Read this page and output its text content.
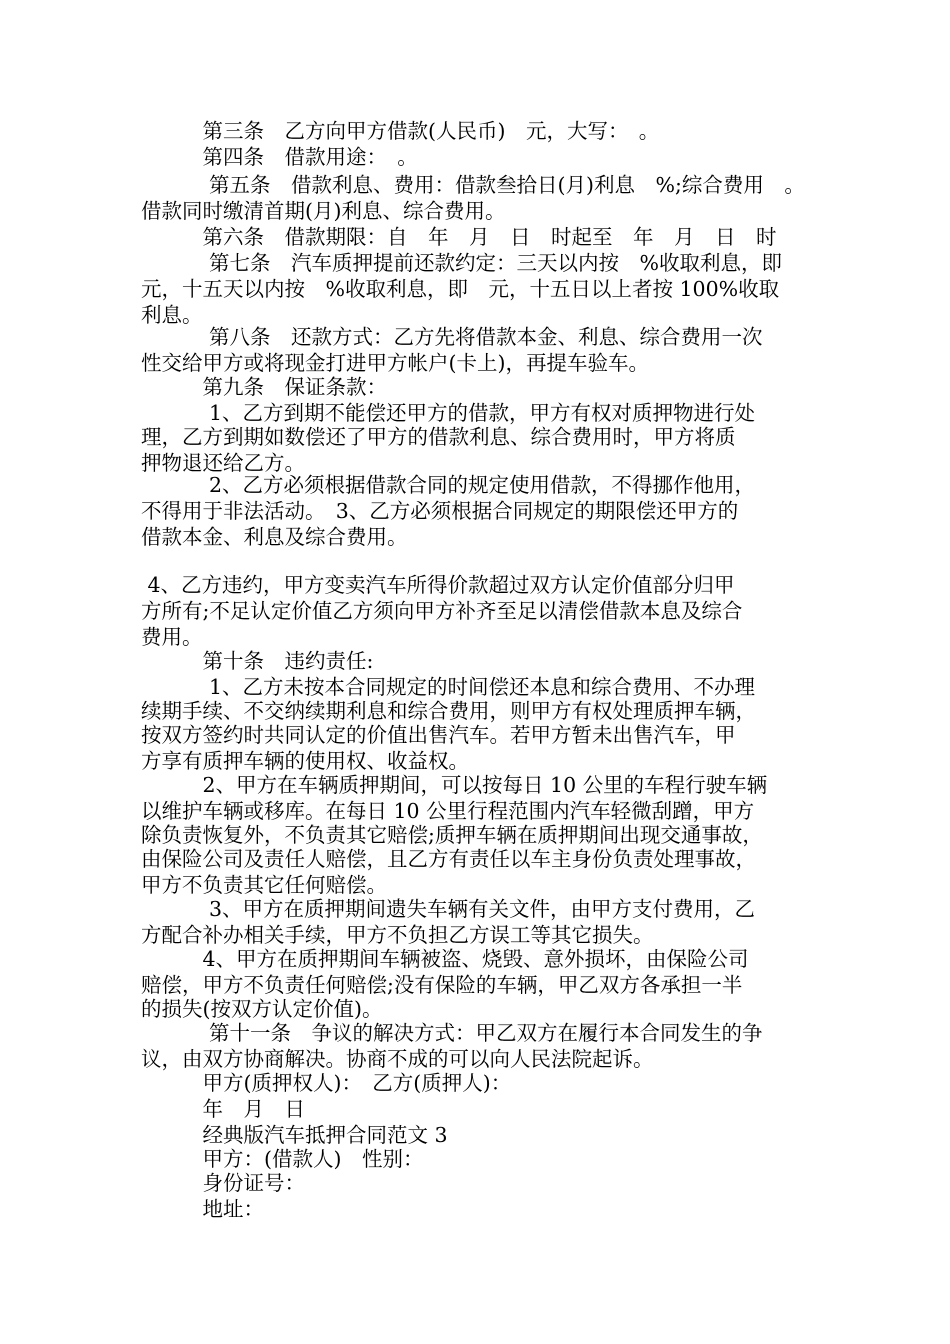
　　　第三条　乙方向甲方借款(人民币)　元，大写：　。
　　　第四条　借款用途：　。
　　　 第五条　借款利息、费用：借款叁拾日(月)利息　%;综合费用　。
借款同时缴清首期(月)利息、综合费用。
　　　第六条　借款期限：自　年　月　日　时起至　年　月　日　时
　　　 第七条　汽车质押提前还款约定：三天以内按　%收取利息，即
元，十五天以内按　%收取利息，即　元，十五日以上者按 100%收取
利息。
　　　 第八条　还款方式：乙方先将借款本金、利息、综合费用一次
性交给甲方或将现金打进甲方帐户(卡上)，再提车验车。
　　　第九条　保证条款：
　　　 1、乙方到期不能偿还甲方的借款，甲方有权对质押物进行处
理，乙方到期如数偿还了甲方的借款利息、综合费用时，甲方将质
押物退还给乙方。
　　　 2、乙方必须根据借款合同的规定使用借款，不得挪作他用，
不得用于非法活动。　3、乙方必须根据合同规定的期限偿还甲方的
借款本金、利息及综合费用。
4、乙方违约，甲方变卖汽车所得价款超过双方认定价值部分归甲
方所有;不足认定价值乙方须向甲方补齐至足以清偿借款本息及综合
费用。
　　　第十条　违约责任:
　　　 1、乙方未按本合同规定的时间偿还本息和综合费用、不办理
续期手续、不交纳续期利息和综合费用，则甲方有权处理质押车辆，
按双方签约时共同认定的价值出售汽车。若甲方暂未出售汽车，甲
方享有质押车辆的使用权、收益权。
　　　2、甲方在车辆质押期间，可以按每日 10 公里的车程行驶车辆
以维护车辆或移库。在每日 10 公里行程范围内汽车轻微刮蹭，甲方
除负责恢复外，不负责其它赔偿;质押车辆在质押期间出现交通事故，
由保险公司及责任人赔偿，且乙方有责任以车主身份负责处理事故，
甲方不负责其它任何赔偿。
　　　 3、甲方在质押期间遗失车辆有关文件，由甲方支付费用，乙
方配合补办相关手续，甲方不负担乙方误工等其它损失。
　　　4、甲方在质押期间车辆被盗、烧毁、意外损坏，由保险公司
赔偿，甲方不负责任何赔偿;没有保险的车辆，甲乙双方各承担一半
的损失(按双方认定价值)。
　　　 第十一条　争议的解决方式：甲乙双方在履行本合同发生的争
议，由双方协商解决。协商不成的可以向人民法院起诉。
　　　甲方(质押权人)：　乙方(质押人)：
　　　年　月　日
　　　经典版汽车抵押合同范文 3
　　　甲方：(借款人)　性别：
　　　身份证号：
　　　地址：
